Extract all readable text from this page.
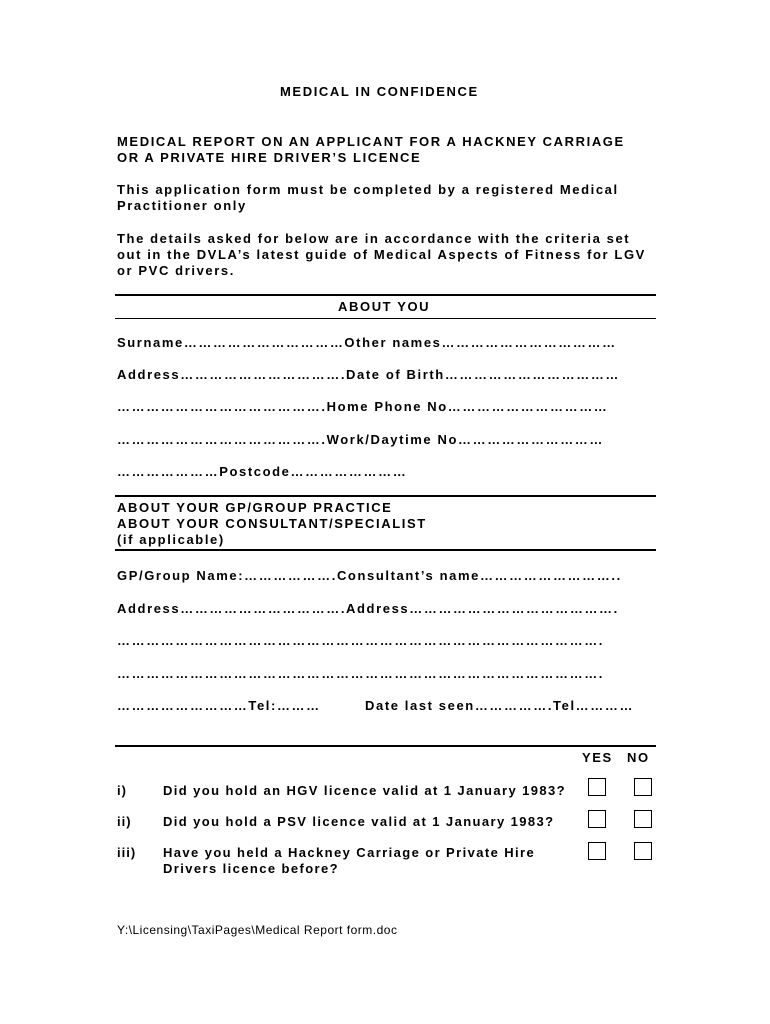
MEDICAL IN CONFIDENCE
MEDICAL REPORT ON AN APPLICANT FOR A HACKNEY CARRIAGE
OR A PRIVATE HIRE DRIVER’S LICENCE
This application form must be completed by a registered Medical
Practitioner only
The details asked for below are in accordance with the criteria set
out in the DVLA’s latest guide of Medical Aspects of Fitness for LGV
or PVC drivers.
ABOUT YOU
Surname……………………………Other names………………………………
Address…………………………….Date of Birth………………………………
…………………………………….Home Phone No……………………………
…………………………………….Work/Daytime No…………………………
…………………Postcode……………………
ABOUT YOUR GP/GROUP PRACTICE
ABOUT YOUR CONSULTANT/SPECIALIST
(if applicable)
GP/Group Name:……………….Consultant’s name………………………..
Address…………………………….Address…………………………………….
……………………………………………………………………………………….
……………………………………………………………………………………….
………………………Tel:………	Date last seen…………….Tel…………
YES NO
i)	Did you hold an HGV licence valid at 1 January 1983?
ii) Did you hold a PSV licence valid at 1 January 1983?
iii) Have you held a Hackney Carriage or Private Hire
Drivers licence before?
Y:\Licensing\TaxiPages\Medical Report form.doc
